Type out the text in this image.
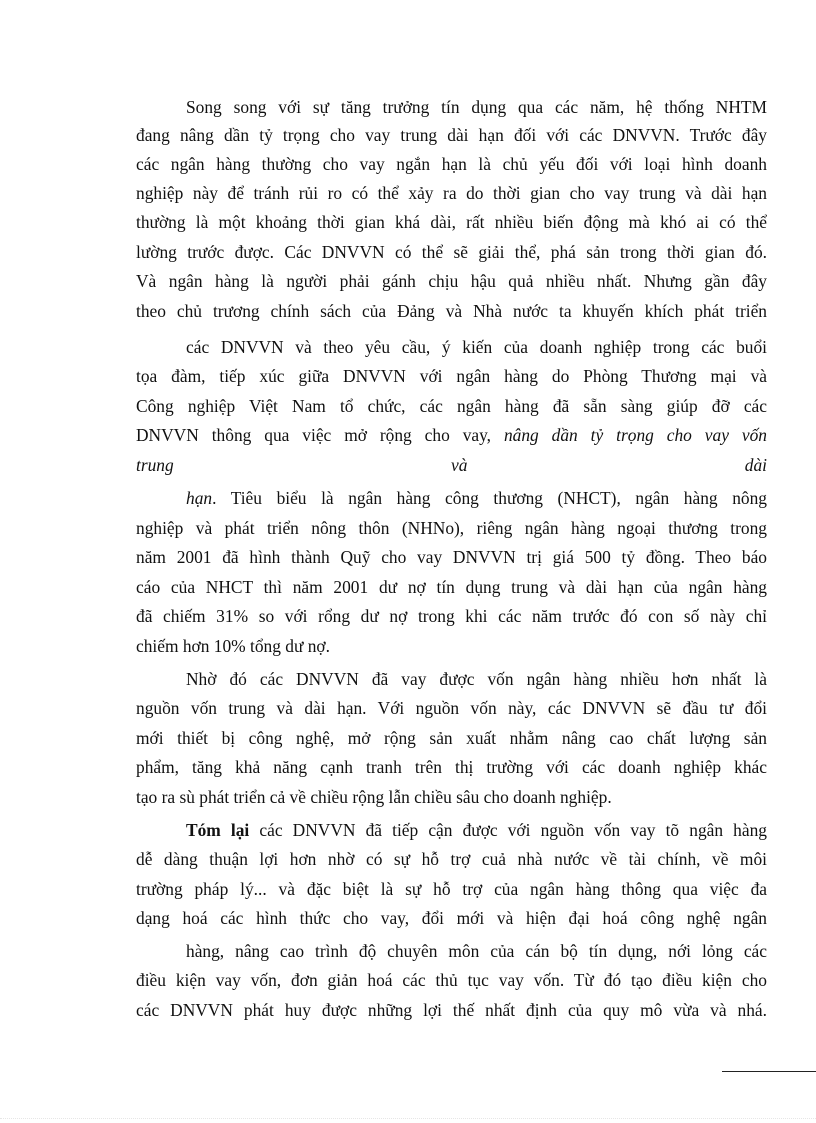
Song song với sự tăng trưởng tín dụng qua các năm, hệ thống NHTM
đang nâng dần tỷ trọng cho vay trung dài hạn đối với các DNVVN. Trước đây
các ngân hàng thường cho vay ngắn hạn là chủ yếu đối với loại hình doanh
nghiệp này để tránh rủi ro có thể xảy ra do thời gian cho vay trung và dài hạn
thường là một khoảng thời gian khá dài, rất nhiều biến động mà khó ai có thể
lường trước được. Các DNVVN có thể sẽ giải thể, phá sản trong thời gian đó.
Và ngân hàng là người phải gánh chịu hậu quả nhiều nhất. Nhưng gần đây
theo chủ trương chính sách của Đảng và Nhà nước ta khuyến khích phát triển
các DNVVN và theo yêu cầu, ý kiến của doanh nghiệp trong các buổi
tọa đàm, tiếp xúc giữa DNVVN với ngân hàng do Phòng Thương mại và
Công nghiệp Việt Nam tổ chức, các ngân hàng đã sẵn sàng giúp đỡ các
DNVVN thông qua việc mở rộng cho vay, nâng dần tỷ trọng cho vay vốn
trung	và	dài
hạn. Tiêu biểu là ngân hàng công thương (NHCT), ngân hàng nông
nghiệp và phát triển nông thôn (NHNo), riêng ngân hàng ngoại thương trong
năm 2001 đã hình thành Quỹ cho vay DNVVN trị giá 500 tỷ đồng. Theo báo
cáo của NHCT thì năm 2001 dư nợ tín dụng trung và dài hạn của ngân hàng
đã chiếm 31% so với rổng dư nợ trong khi các năm trước đó con số này chỉ
chiếm hơn 10% tổng dư nợ.
Nhờ đó các DNVVN đã vay được vốn ngân hàng nhiều hơn nhất là
nguồn vốn trung và dài hạn. Với nguồn vốn này, các DNVVN sẽ đầu tư đổi
mới thiết bị công nghệ, mở rộng sản xuất nhằm nâng cao chất lượng sản
phẩm, tăng khả năng cạnh tranh trên thị trường với các doanh nghiệp khác
tạo ra sù phát triển cả về chiều rộng lẫn chiều sâu cho doanh nghiệp.
Tóm lại các DNVVN đã tiếp cận được với nguồn vốn vay tõ ngân hàng
dễ dàng thuận lợi hơn nhờ có sự hỗ trợ cuả nhà nước về tài chính, về môi
trường pháp lý... và đặc biệt là sự hỗ trợ của ngân hàng thông qua việc đa
dạng hoá các hình thức cho vay, đổi mới và hiện đại hoá công nghệ ngân
hàng, nâng cao trình độ chuyên môn của cán bộ tín dụng, nới lỏng các
điều kiện vay vốn, đơn giản hoá các thủ tục vay vốn. Từ đó tạo điều kiện cho
các DNVVN phát huy được những lợi thế nhất định của quy mô vừa và nhá.
